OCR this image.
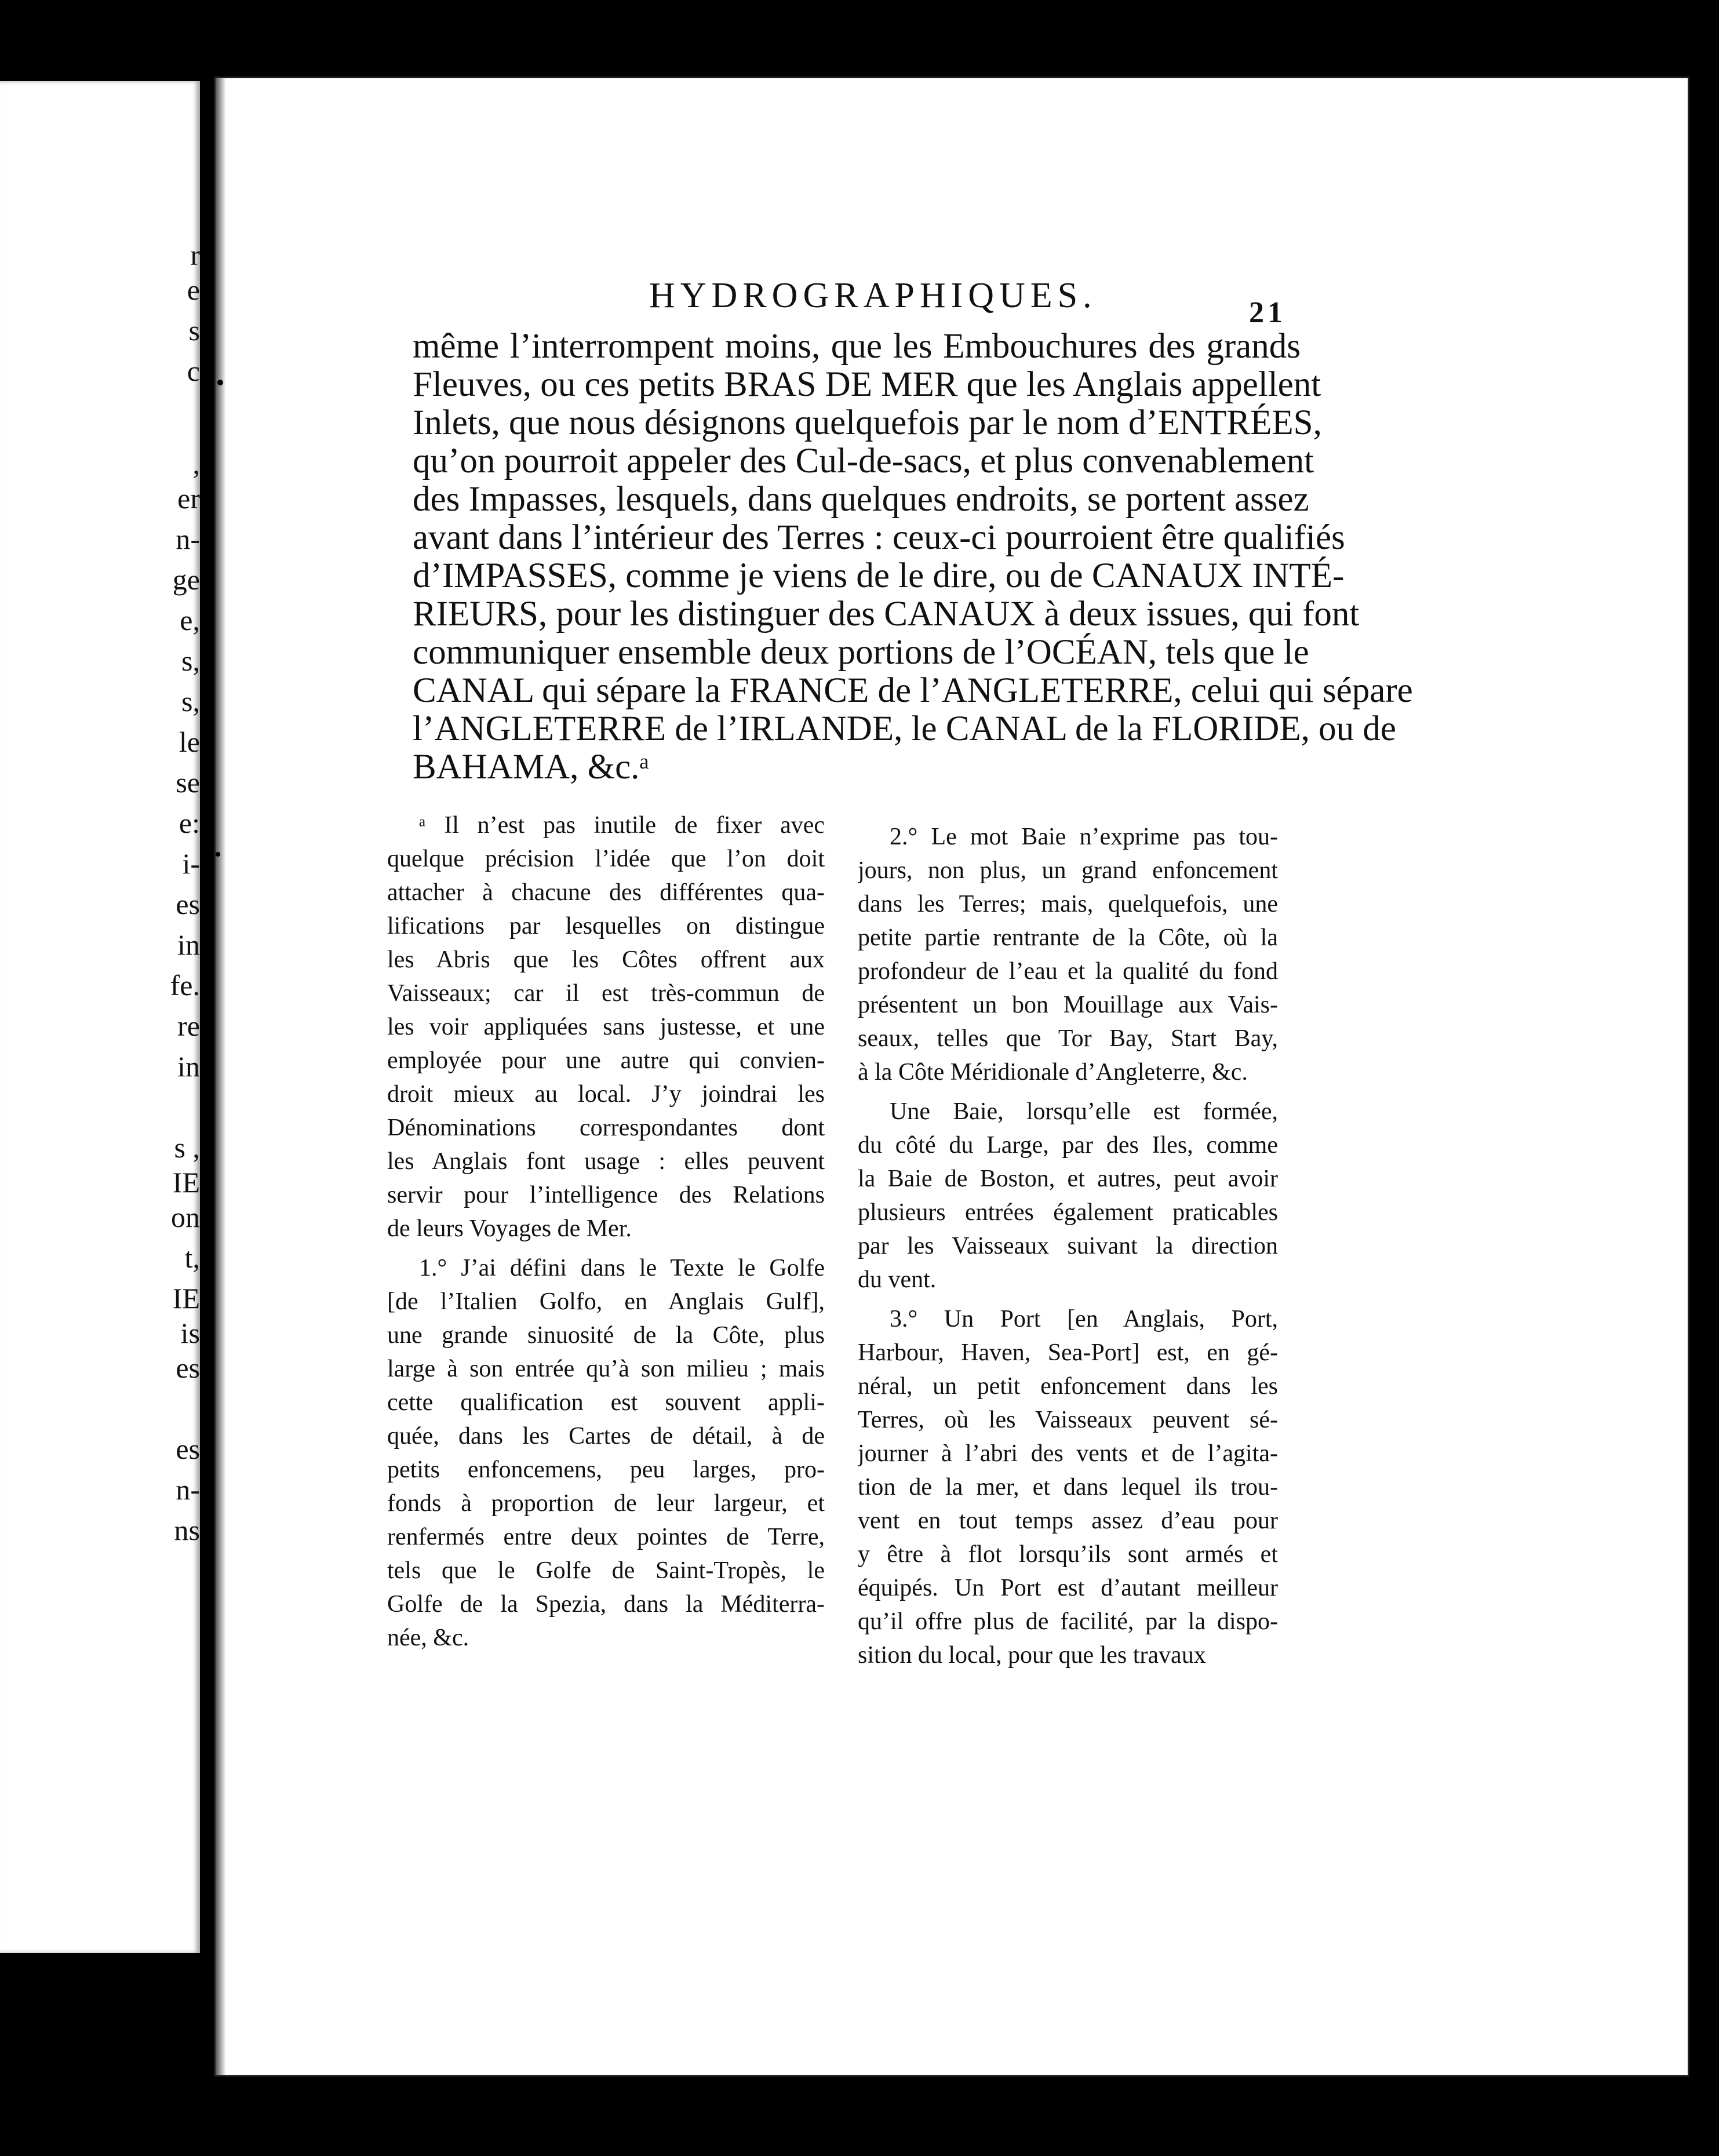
r
e
s
c
,
er
n-
ge
e,
s,
s,
le
se
e:
i-
es
in
fe.
re
in
s ,
IE
on
t,
IE
is
es
es
n-
ns
HYDROGRAPHIQUES.	21
même l’interrompent moins, que les Embouchures des grands
Fleuves, ou ces petits BRAS DE MER que les Anglais appellent
Inlets, que nous désignons quelquefois par le nom d’ENTRÉES,
qu’on pourroit appeler des Cul-de-sacs, et plus convenablement
des Impasses, lesquels, dans quelques endroits, se portent assez
avant dans l’intérieur des Terres : ceux-ci pourroient être qualifiés
d’IMPASSES, comme je viens de le dire, ou de CANAUX INTÉ-
RIEURS, pour les distinguer des CANAUX à deux issues, qui font
communiquer ensemble deux portions de l’OCÉAN, tels que le
CANAL qui sépare la FRANCE de l’ANGLETERRE, celui qui sépare
l’ANGLETERRE de l’IRLANDE, le CANAL de la FLORIDE, ou de
BAHAMA, &c.ᵃ
ᵃ Il n’est pas inutile de fixer avec
quelque précision l’idée que l’on doit
attacher à chacune des différentes qua-
lifications par lesquelles on distingue
les Abris que les Côtes offrent aux
Vaisseaux; car il est très-commun de
les voir appliquées sans justesse, et une
employée pour une autre qui convien-
droit mieux au local. J’y joindrai les
Dénominations correspondantes dont
les Anglais font usage : elles peuvent
servir pour l’intelligence des Relations
de leurs Voyages de Mer.
1.° J’ai défini dans le Texte le Golfe
[de l’Italien Golfo, en Anglais Gulf],
une grande sinuosité de la Côte, plus
large à son entrée qu’à son milieu ; mais
cette qualification est souvent appli-
quée, dans les Cartes de détail, à de
petits enfoncemens, peu larges, pro-
fonds à proportion de leur largeur, et
renfermés entre deux pointes de Terre,
tels que le Golfe de Saint-Tropès, le
Golfe de la Spezia, dans la Méditerra-
née, &c.
2.° Le mot Baie n’exprime pas tou-
jours, non plus, un grand enfoncement
dans les Terres; mais, quelquefois, une
petite partie rentrante de la Côte, où la
profondeur de l’eau et la qualité du fond
présentent un bon Mouillage aux Vais-
seaux, telles que Tor Bay, Start Bay,
à la Côte Méridionale d’Angleterre, &c.
Une Baie, lorsqu’elle est formée,
du côté du Large, par des Iles, comme
la Baie de Boston, et autres, peut avoir
plusieurs entrées également praticables
par les Vaisseaux suivant la direction
du vent.
3.° Un Port [en Anglais, Port,
Harbour, Haven, Sea-Port] est, en gé-
néral, un petit enfoncement dans les
Terres, où les Vaisseaux peuvent sé-
journer à l’abri des vents et de l’agita-
tion de la mer, et dans lequel ils trou-
vent en tout temps assez d’eau pour
y être à flot lorsqu’ils sont armés et
équipés. Un Port est d’autant meilleur
qu’il offre plus de facilité, par la dispo-
sition du local, pour que les travaux
